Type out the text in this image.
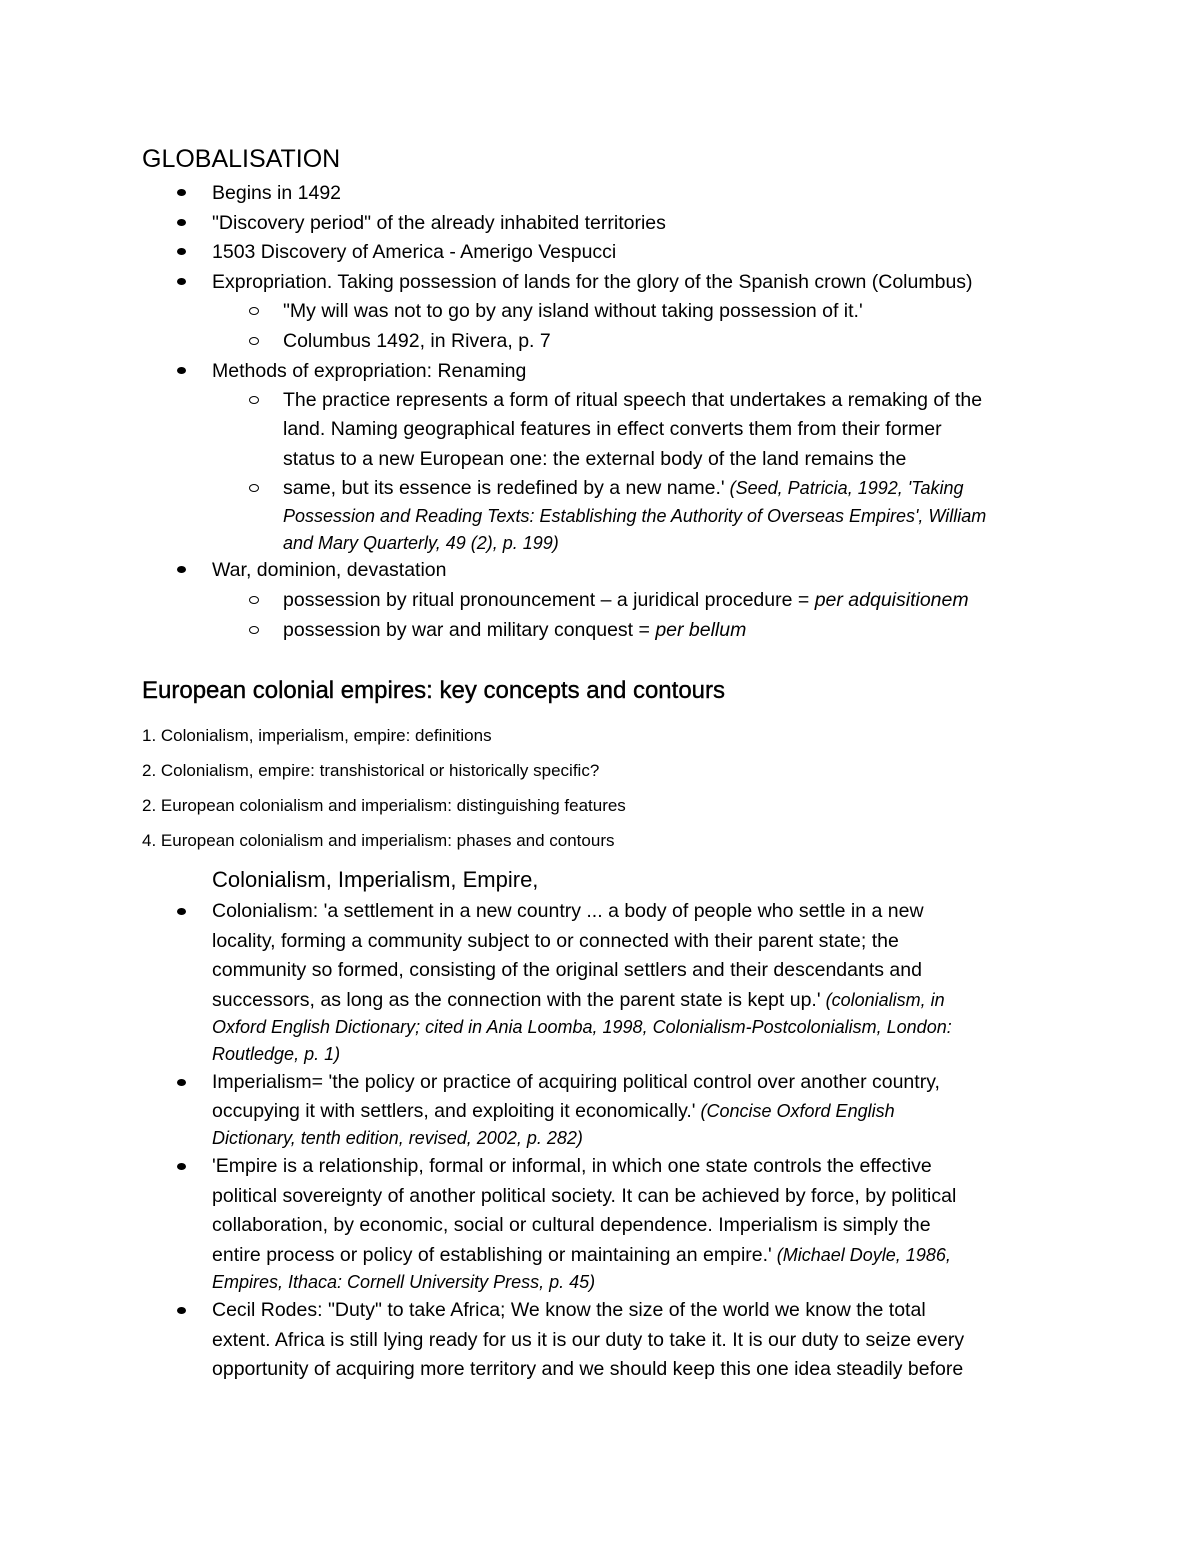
GLOBALISATION
Begins in 1492
"Discovery period" of the already inhabited territories
1503 Discovery of America - Amerigo Vespucci
Expropriation. Taking possession of lands for the glory of the Spanish crown (Columbus)
"My will was not to go by any island without taking possession of it.'
Columbus 1492, in Rivera, p. 7
Methods of expropriation: Renaming
The practice represents a form of ritual speech that undertakes a remaking of the
land. Naming geographical features in effect converts them from their former
status to a new European one: the external body of the land remains the
same, but its essence is redefined by a new name.' (Seed, Patricia, 1992, 'Taking
Possession and Reading Texts: Establishing the Authority of Overseas Empires', William
and Mary Quarterly, 49 (2), p. 199)
War, dominion, devastation
possession by ritual pronouncement – a juridical procedure = per adquisitionem
possession by war and military conquest = per bellum
European colonial empires: key concepts and contours
1. Colonialism, imperialism, empire: definitions
2. Colonialism, empire: transhistorical or historically specific?
2. European colonialism and imperialism: distinguishing features
4. European colonialism and imperialism: phases and contours
Colonialism, Imperialism, Empire,
Colonialism: 'a settlement in a new country ... a body of people who settle in a new
locality, forming a community subject to or connected with their parent state; the
community so formed, consisting of the original settlers and their descendants and
successors, as long as the connection with the parent state is kept up.' (colonialism, in
Oxford English Dictionary; cited in Ania Loomba, 1998, Colonialism-Postcolonialism, London:
Routledge, p. 1)
Imperialism= 'the policy or practice of acquiring political control over another country,
occupying it with settlers, and exploiting it economically.' (Concise Oxford English
Dictionary, tenth edition, revised, 2002, p. 282)
'Empire is a relationship, formal or informal, in which one state controls the effective
political sovereignty of another political society. It can be achieved by force, by political
collaboration, by economic, social or cultural dependence. Imperialism is simply the
entire process or policy of establishing or maintaining an empire.' (Michael Doyle, 1986,
Empires, Ithaca: Cornell University Press, p. 45)
Cecil Rodes: "Duty" to take Africa; We know the size of the world we know the total
extent. Africa is still lying ready for us it is our duty to take it. It is our duty to seize every
opportunity of acquiring more territory and we should keep this one idea steadily before
